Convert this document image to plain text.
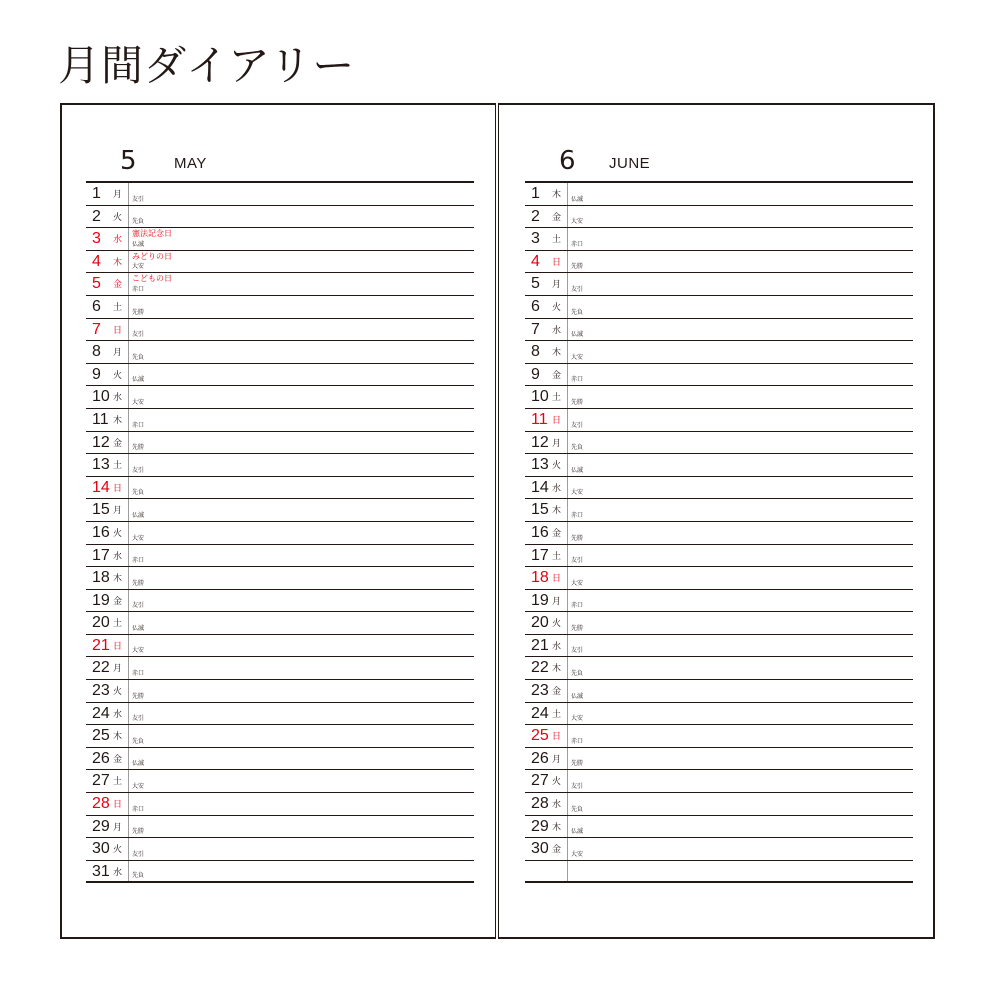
月間ダイアリー
5 MAY
1	月 友引
2	火 先負
3	水 仏滅
憲法記念日
4	木 大安
みどりの日
5	金 赤口
こどもの日
6	土 先勝
7	日 友引
8	月 先負
9	火 仏滅
10 水 大安
11 木 赤口
12 金 先勝
13 土 友引
14 日 先負
15 月 仏滅
16 火 大安
17 水 赤口
18 木 先勝
19 金 友引
20 土 仏滅
21 日 大安
22 月 赤口
23 火 先勝
24 水 友引
25 木 先負
26 金 仏滅
27 土 大安
28 日 赤口
29 月 先勝
30 火 友引
31 水 先負
6 JUNE
1	木 仏滅
2	金 大安
3	土 赤口
4	日 先勝
5	月 友引
6	火 先負
7	水 仏滅
8	木 大安
9	金 赤口
10 土 先勝
11 日 友引
12 月 先負
13 火 仏滅
14 水 大安
15 木 赤口
16 金 先勝
17 土 友引
18 日 大安
19 月 赤口
20 火 先勝
21 水 友引
22 木 先負
23 金 仏滅
24 土 大安
25 日 赤口
26 月 先勝
27 火 友引
28 水 先負
29 木 仏滅
30 金 大安
